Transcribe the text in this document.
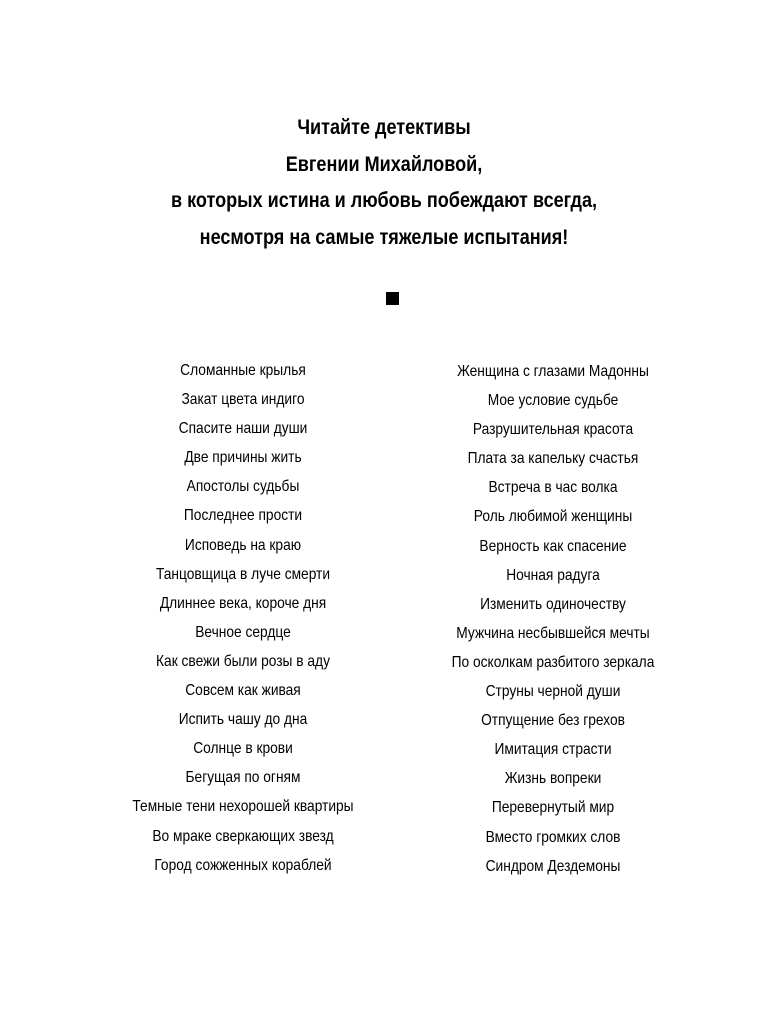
Читайте детективы
Евгении Михайловой,
в которых истина и любовь побеждают всегда,
несмотря на самые тяжелые испытания!
Сломанные крылья
Закат цвета индиго
Спасите наши души
Две причины жить
Апостолы судьбы
Последнее прости
Исповедь на краю
Танцовщица в луче смерти
Длиннее века, короче дня
Вечное сердце
Как свежи были розы в аду
Совсем как живая
Испить чашу до дна
Солнце в крови
Бегущая по огням
Темные тени нехорошей квартиры
Во мраке сверкающих звезд
Город сожженных кораблей
Женщина с глазами Мадонны
Мое условие судьбе
Разрушительная красота
Плата за капельку счастья
Встреча в час волка
Роль любимой женщины
Верность как спасение
Ночная радуга
Изменить одиночеству
Мужчина несбывшейся мечты
По осколкам разбитого зеркала
Струны черной души
Отпущение без грехов
Имитация страсти
Жизнь вопреки
Перевернутый мир
Вместо громких слов
Синдром Дездемоны
